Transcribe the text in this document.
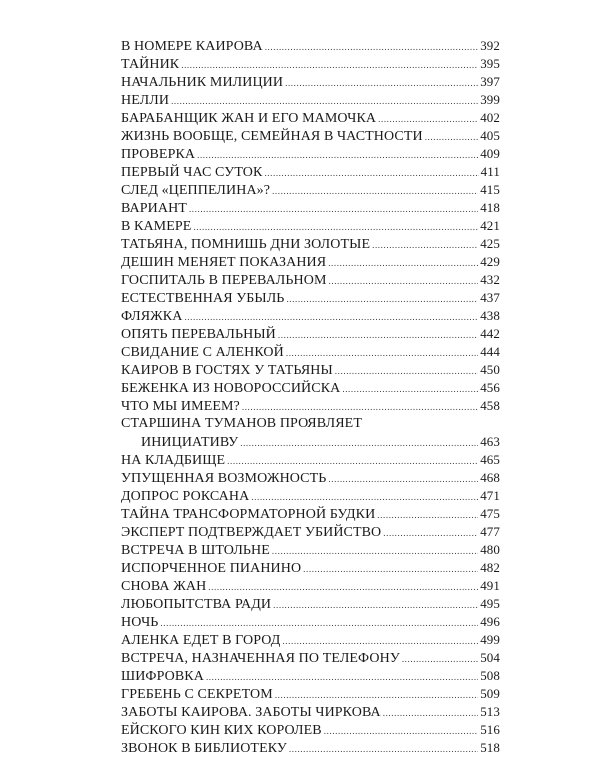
В НОМЕРЕ КАИРОВА .....	392
ТАЙНИК .....	395
НАЧАЛЬНИК МИЛИЦИИ .....	397
НЕЛЛИ .....	399
БАРАБАНЩИК ЖАН И ЕГО МАМОЧКА .....	402
ЖИЗНЬ ВООБЩЕ, СЕМЕЙНАЯ В ЧАСТНОСТИ .....	405
ПРОВЕРКА .....	409
ПЕРВЫЙ ЧАС СУТОК .....	411
СЛЕД «ЦЕППЕЛИНА»? .....	415
ВАРИАНТ .....	418
В КАМЕРЕ .....	421
ТАТЬЯНА, ПОМНИШЬ ДНИ ЗОЛОТЫЕ .....	425
ДЕШИН МЕНЯЕТ ПОКАЗАНИЯ .....	429
ГОСПИТАЛЬ В ПЕРЕВАЛЬНОМ .....	432
ЕСТЕСТВЕННАЯ УБЫЛЬ .....	437
ФЛЯЖКА .....	438
ОПЯТЬ ПЕРЕВАЛЬНЫЙ .....	442
СВИДАНИЕ С АЛЕНКОЙ .....	444
КАИРОВ В ГОСТЯХ У ТАТЬЯНЫ .....	450
БЕЖЕНКА ИЗ НОВОРОССИЙСКА .....	456
ЧТО МЫ ИМЕЕМ? .....	458
СТАРШИНА ТУМАНОВ ПРОЯВЛЯЕТ
ИНИЦИАТИВУ .....	463
НА КЛАДБИЩЕ .....	465
УПУЩЕННАЯ ВОЗМОЖНОСТЬ .....	468
ДОПРОС РОКСАНА .....	471
ТАЙНА ТРАНСФОРМАТОРНОЙ БУДКИ .....	475
ЭКСПЕРТ ПОДТВЕРЖДАЕТ УБИЙСТВО .....	477
ВСТРЕЧА В ШТОЛЬНЕ .....	480
ИСПОРЧЕННОЕ ПИАНИНО .....	482
СНОВА ЖАН .....	491
ЛЮБОПЫТСТВА РАДИ .....	495
НОЧЬ .....	496
АЛЕНКА ЕДЕТ В ГОРОД .....	499
ВСТРЕЧА, НАЗНАЧЕННАЯ ПО ТЕЛЕФОНУ .....	504
ШИФРОВКА .....	508
ГРЕБЕНЬ С СЕКРЕТОМ .....	509
ЗАБОТЫ КАИРОВА. ЗАБОТЫ ЧИРКОВА .....	513
ЕЙСКОГО КИН КИХ КОРОЛЕВ .....	516
ЗВОНОК В БИБЛИОТЕКУ .....	518
